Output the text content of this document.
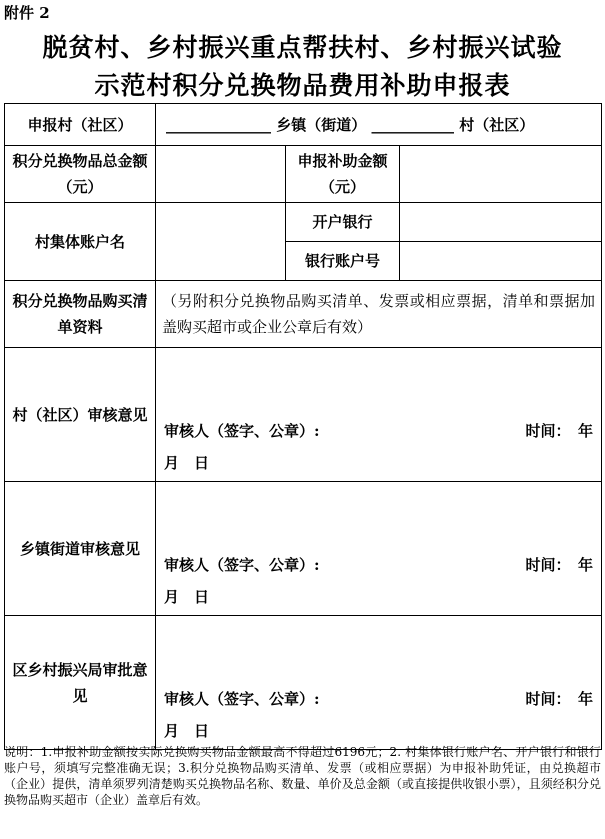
附件 2
脱贫村、乡村振兴重点帮扶村、乡村振兴试验
示范村积分兑换物品费用补助申报表
申报村（社区）	______________ 乡镇（街道） ___________ 村（社区）		
积分兑换物品总金额（元）		申报补助金额（元）	
村集体账户名		开户银行	
		银行账户号	
积分兑换物品购买清单资料	（另附积分兑换物品购买清单、发票或相应票据，清单和票据加盖购买超市或企业公章后有效）		
村（社区）审核意见	审核人（签字、公章）: 时间：　年
月　日		

乡镇街道审核意见	审核人（签字、公章）: 时间：　年
月　日		

区乡村振兴局审批意见	审核人（签字、公章）: 时间：　年
月　日		
说明：1.申报补助金额按实际兑换购买物品金额最高不得超过6196元；2. 村集体银行账户名、开户银行和银行账户号，须填写完整准确无误；3.积分兑换物品购买清单、发票（或相应票据）为申报补助凭证，由兑换超市（企业）提供，清单须罗列清楚购买兑换物品名称、数量、单价及总金额（或直接提供收银小票），且须经积分兑换物品购买超市（企业）盖章后有效。
